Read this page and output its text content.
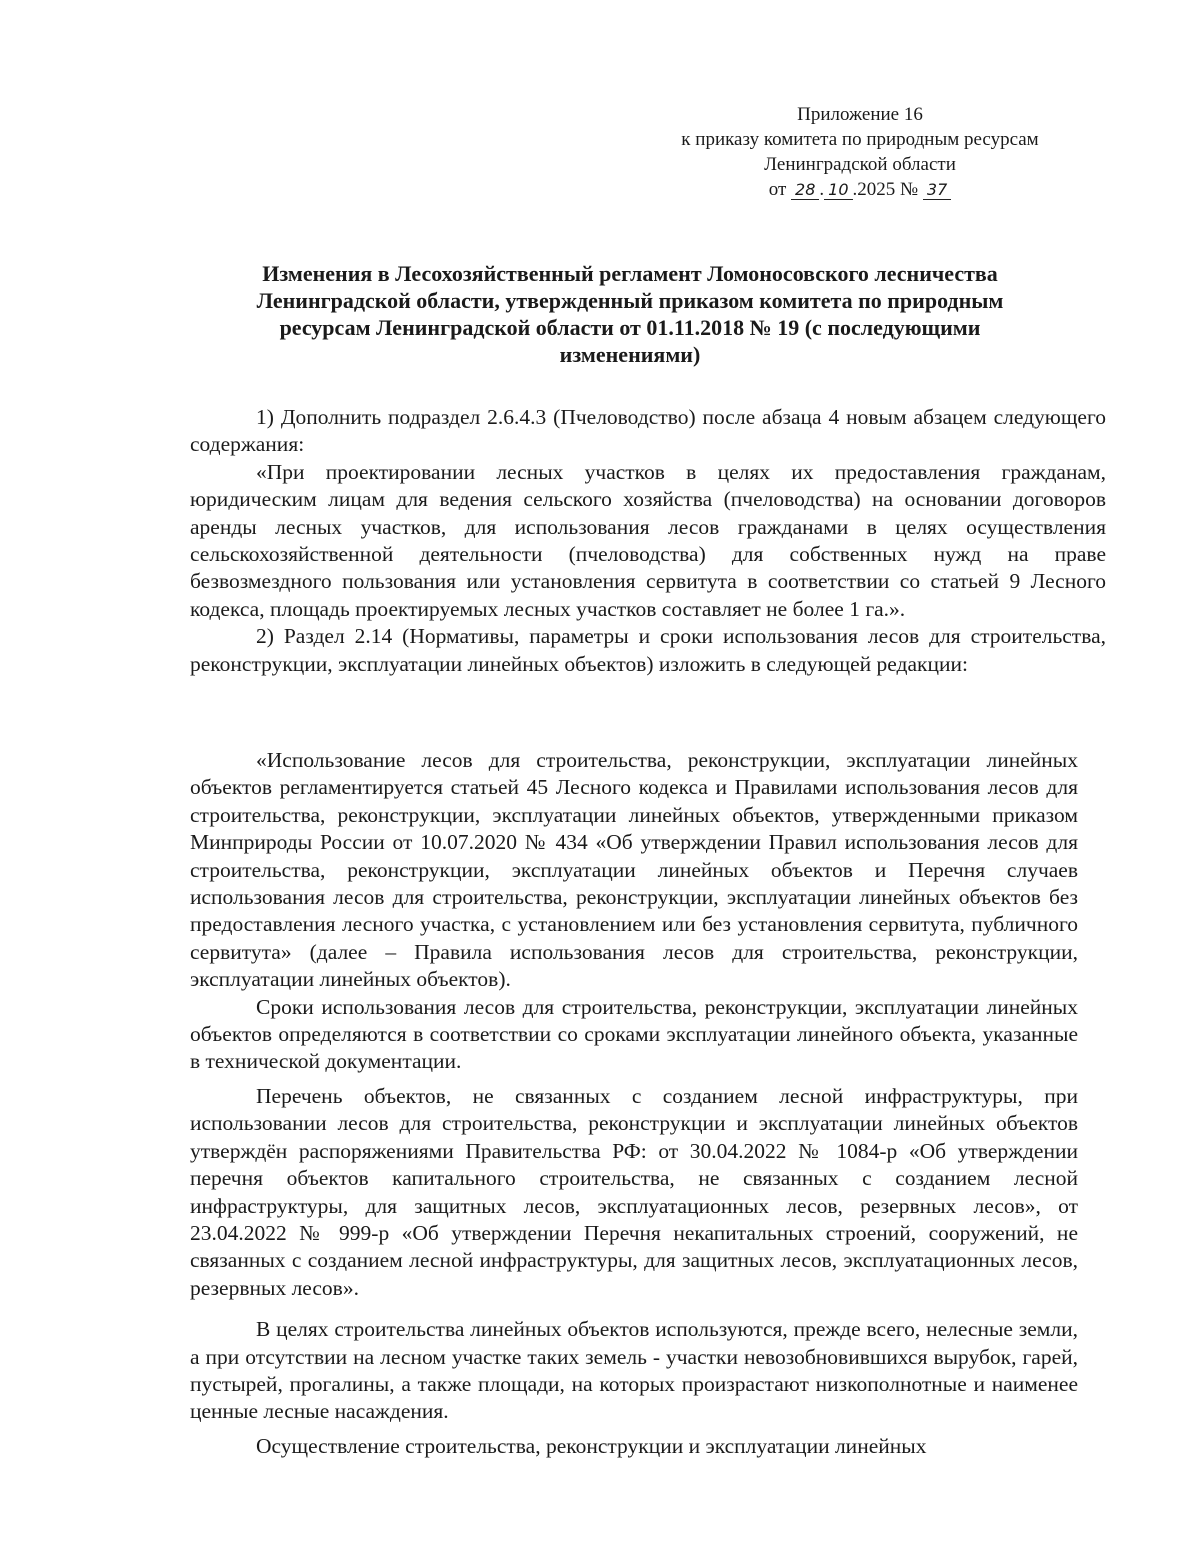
Приложение 16
к приказу комитета по природным ресурсам
Ленинградской области
от 28 . 10 .2025 № 37
Изменения в Лесохозяйственный регламент Ломоносовского лесничества
Ленинградской области, утвержденный приказом комитета по природным
ресурсам Ленинградской области от 01.11.2018 № 19 (с последующими
изменениями)

1) Дополнить подраздел 2.6.4.3 (Пчеловодство) после абзаца 4 новым абзацем следующего содержания:

«При проектировании лесных участков в целях их предоставления гражданам, юридическим лицам для ведения сельского хозяйства (пчеловодства) на основании договоров аренды лесных участков, для использования лесов гражданами в целях осуществления сельскохозяйственной деятельности (пчеловодства) для собственных нужд на праве безвозмездного пользования или установления сервитута в соответствии со статьей 9 Лесного кодекса, площадь проектируемых лесных участков составляет не более 1 га.».

2) Раздел 2.14 (Нормативы, параметры и сроки использования лесов для строительства, реконструкции, эксплуатации линейных объектов) изложить в следующей редакции:

«Использование лесов для строительства, реконструкции, эксплуатации линейных объектов регламентируется статьей 45 Лесного кодекса и Правилами использования лесов для строительства, реконструкции, эксплуатации линейных объектов, утвержденными приказом Минприроды России от 10.07.2020 № 434 «Об утверждении Правил использования лесов для строительства, реконструкции, эксплуатации линейных объектов и Перечня случаев использования лесов для строительства, реконструкции, эксплуатации линейных объектов без предоставления лесного участка, с установлением или без установления сервитута, публичного сервитута» (далее – Правила использования лесов для строительства, реконструкции, эксплуатации линейных объектов).

Сроки использования лесов для строительства, реконструкции, эксплуатации линейных объектов определяются в соответствии со сроками эксплуатации линейного объекта, указанные в технической документации.

Перечень объектов, не связанных с созданием лесной инфраструктуры, при использовании лесов для строительства, реконструкции и эксплуатации линейных объектов утверждён распоряжениями Правительства РФ: от 30.04.2022 № 1084-р «Об утверждении перечня объектов капитального строительства, не связанных с созданием лесной инфраструктуры, для защитных лесов, эксплуатационных лесов, резервных лесов», от 23.04.2022 № 999-р «Об утверждении Перечня некапитальных строений, сооружений, не связанных с созданием лесной инфраструктуры, для защитных лесов, эксплуатационных лесов, резервных лесов».

В целях строительства линейных объектов используются, прежде всего, нелесные земли, а при отсутствии на лесном участке таких земель - участки невозобновившихся вырубок, гарей, пустырей, прогалины, а также площади, на которых произрастают низкополнотные и наименее ценные лесные насаждения.

Осуществление строительства, реконструкции и эксплуатации линейных
